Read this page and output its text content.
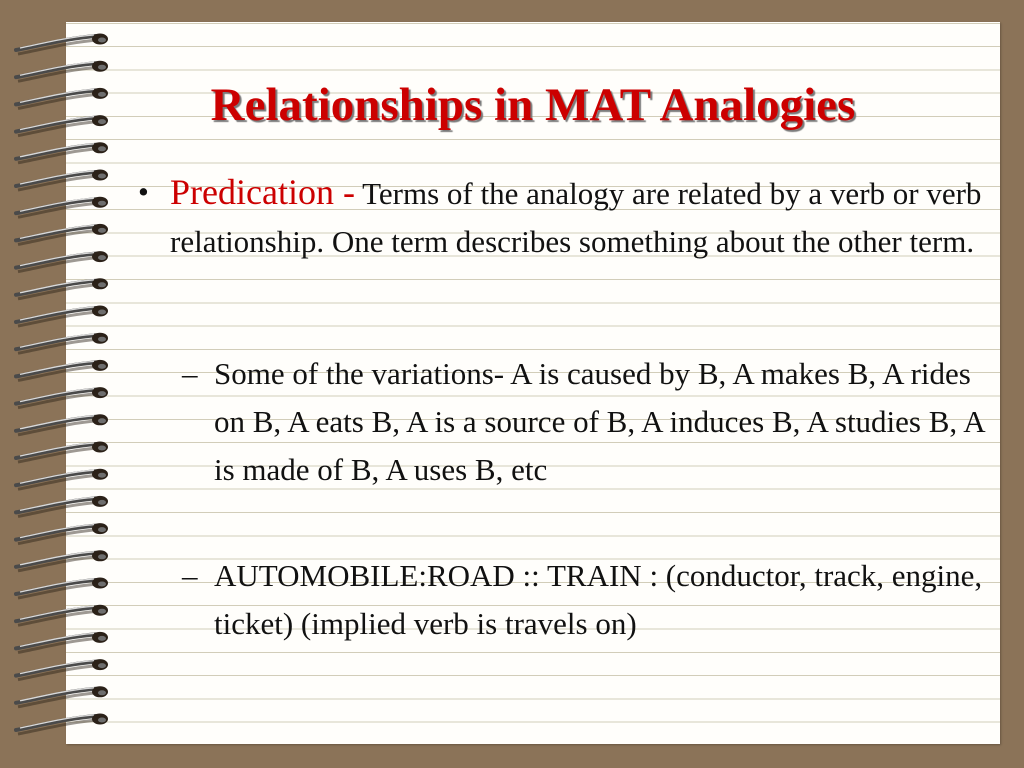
Relationships in MAT Analogies

• Predication - Terms of the analogy are related by a verb or verb relationship. One term describes something about the other term.

– Some of the variations- A is caused by B, A makes B, A rides on B, A eats B, A is a source of B, A induces B, A studies B, A is made of B, A uses B, etc

– AUTOMOBILE:ROAD :: TRAIN : (conductor, track, engine, ticket) (implied verb is travels on)
